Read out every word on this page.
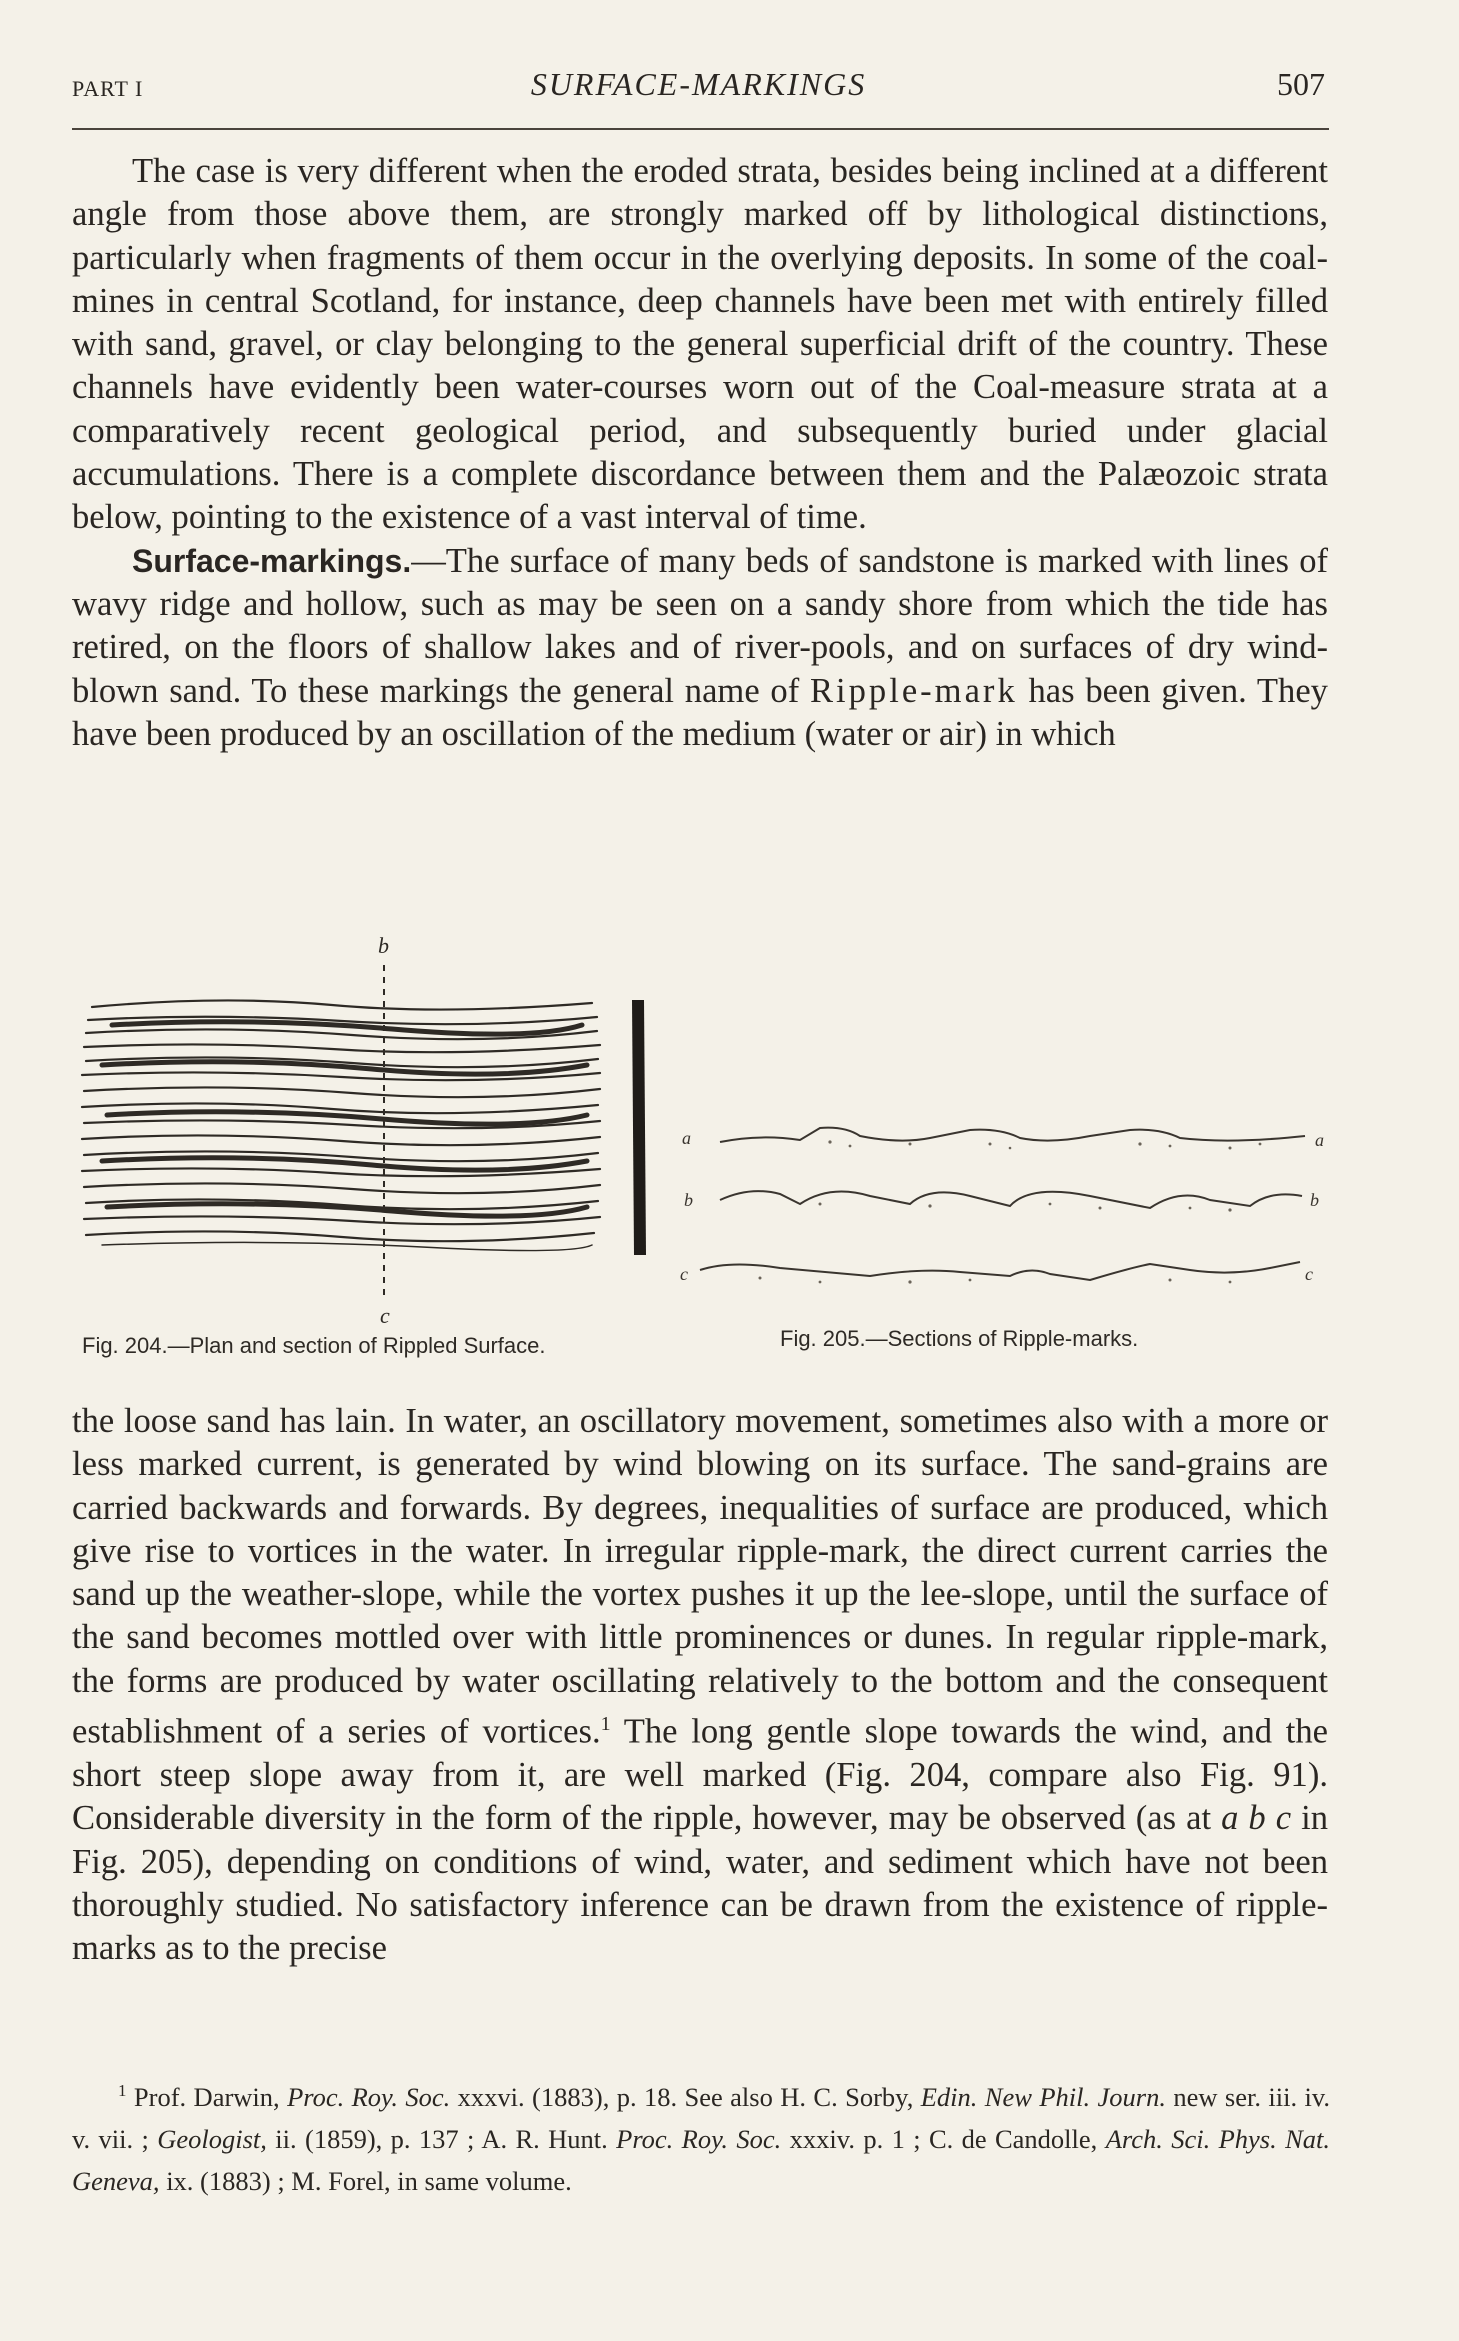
PART I	SURFACE-MARKINGS	507

The case is very different when the eroded strata, besides being inclined at a different angle from those above them, are strongly marked off by lithological distinctions, particularly when fragments of them occur in the overlying deposits. In some of the coal-mines in central Scotland, for instance, deep channels have been met with entirely filled with sand, gravel, or clay belonging to the general superficial drift of the country. These channels have evidently been water-courses worn out of the Coal-measure strata at a comparatively recent geological period, and subsequently buried under glacial accumulations. There is a complete discordance between them and the Palæozoic strata below, pointing to the existence of a vast interval of time.

Surface-markings.—The surface of many beds of sandstone is marked with lines of wavy ridge and hollow, such as may be seen on a sandy shore from which the tide has retired, on the floors of shallow lakes and of river-pools, and on surfaces of dry wind-blown sand. To these markings the general name of Ripple-mark has been given. They have been produced by an oscillation of the medium (water or air) in which

b
c
a	a
b	b
c	c
Fig. 204.—Plan and section of Rippled Surface.	Fig. 205.—Sections of Ripple-marks.

the loose sand has lain. In water, an oscillatory movement, sometimes also with a more or less marked current, is generated by wind blowing on its surface. The sand-grains are carried backwards and forwards. By degrees, inequalities of surface are produced, which give rise to vortices in the water. In irregular ripple-mark, the direct current carries the sand up the weather-slope, while the vortex pushes it up the lee-slope, until the surface of the sand becomes mottled over with little prominences or dunes. In regular ripple-mark, the forms are produced by water oscillating relatively to the bottom and the consequent establishment of a series of vortices.$^1$ The long gentle slope towards the wind, and the short steep slope away from it, are well marked (Fig. 204, compare also Fig. 91). Considerable diversity in the form of the ripple, however, may be observed (as at a b c in Fig. 205), depending on conditions of wind, water, and sediment which have not been thoroughly studied. No satisfactory inference can be drawn from the existence of ripple-marks as to the precise

$^1$ Prof. Darwin, Proc. Roy. Soc. xxxvi. (1883), p. 18. See also H. C. Sorby, Edin. New Phil. Journ. new ser. iii. iv. v. vii. ; Geologist, ii. (1859), p. 137 ; A. R. Hunt. Proc. Roy. Soc. xxxiv. p. 1 ; C. de Candolle, Arch. Sci. Phys. Nat. Geneva, ix. (1883) ; M. Forel, in same volume.
